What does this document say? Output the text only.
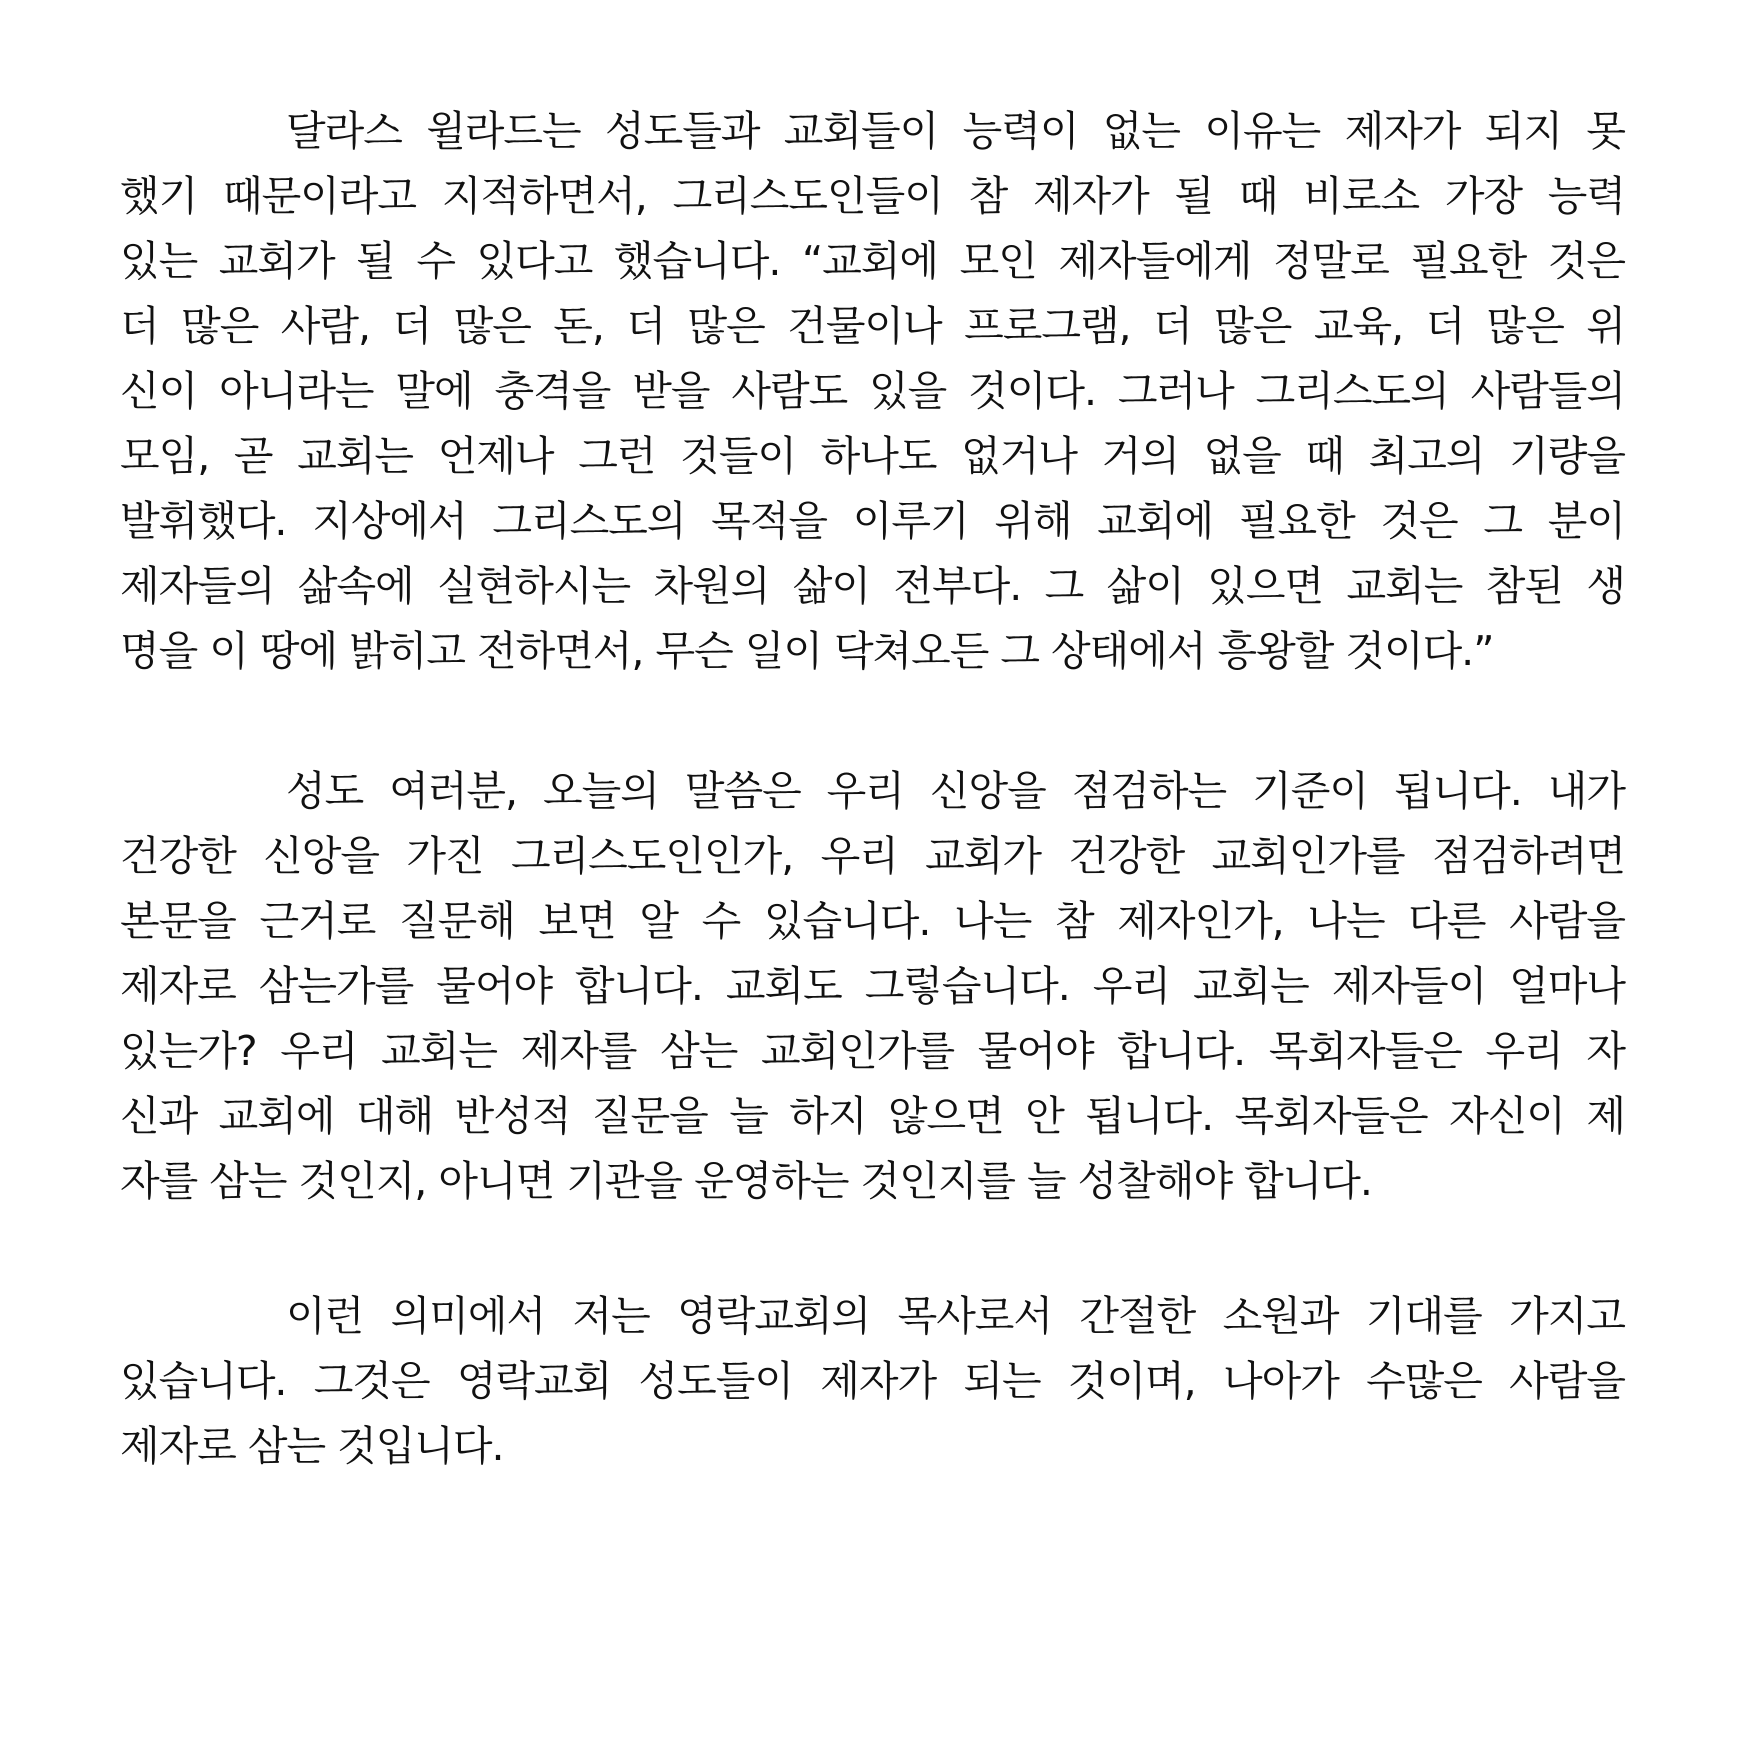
달라스 윌라드는 성도들과 교회들이 능력이 없는 이유는 제자가 되지 못
했기 때문이라고 지적하면서, 그리스도인들이 참 제자가 될 때 비로소 가장 능력
있는 교회가 될 수 있다고 했습니다. “교회에 모인 제자들에게 정말로 필요한 것은
더 많은 사람, 더 많은 돈, 더 많은 건물이나 프로그램, 더 많은 교육, 더 많은 위
신이 아니라는 말에 충격을 받을 사람도 있을 것이다. 그러나 그리스도의 사람들의
모임, 곧 교회는 언제나 그런 것들이 하나도 없거나 거의 없을 때 최고의 기량을
발휘했다. 지상에서 그리스도의 목적을 이루기 위해 교회에 필요한 것은 그 분이
제자들의 삶속에 실현하시는 차원의 삶이 전부다. 그 삶이 있으면 교회는 참된 생
명을 이 땅에 밝히고 전하면서, 무슨 일이 닥쳐오든 그 상태에서 흥왕할 것이다.”
성도 여러분, 오늘의 말씀은 우리 신앙을 점검하는 기준이 됩니다. 내가
건강한 신앙을 가진 그리스도인인가, 우리 교회가 건강한 교회인가를 점검하려면
본문을 근거로 질문해 보면 알 수 있습니다. 나는 참 제자인가, 나는 다른 사람을
제자로 삼는가를 물어야 합니다. 교회도 그렇습니다. 우리 교회는 제자들이 얼마나
있는가? 우리 교회는 제자를 삼는 교회인가를 물어야 합니다. 목회자들은 우리 자
신과 교회에 대해 반성적 질문을 늘 하지 않으면 안 됩니다. 목회자들은 자신이 제
자를 삼는 것인지, 아니면 기관을 운영하는 것인지를 늘 성찰해야 합니다.
이런 의미에서 저는 영락교회의 목사로서 간절한 소원과 기대를 가지고
있습니다. 그것은 영락교회 성도들이 제자가 되는 것이며, 나아가 수많은 사람을
제자로 삼는 것입니다.
